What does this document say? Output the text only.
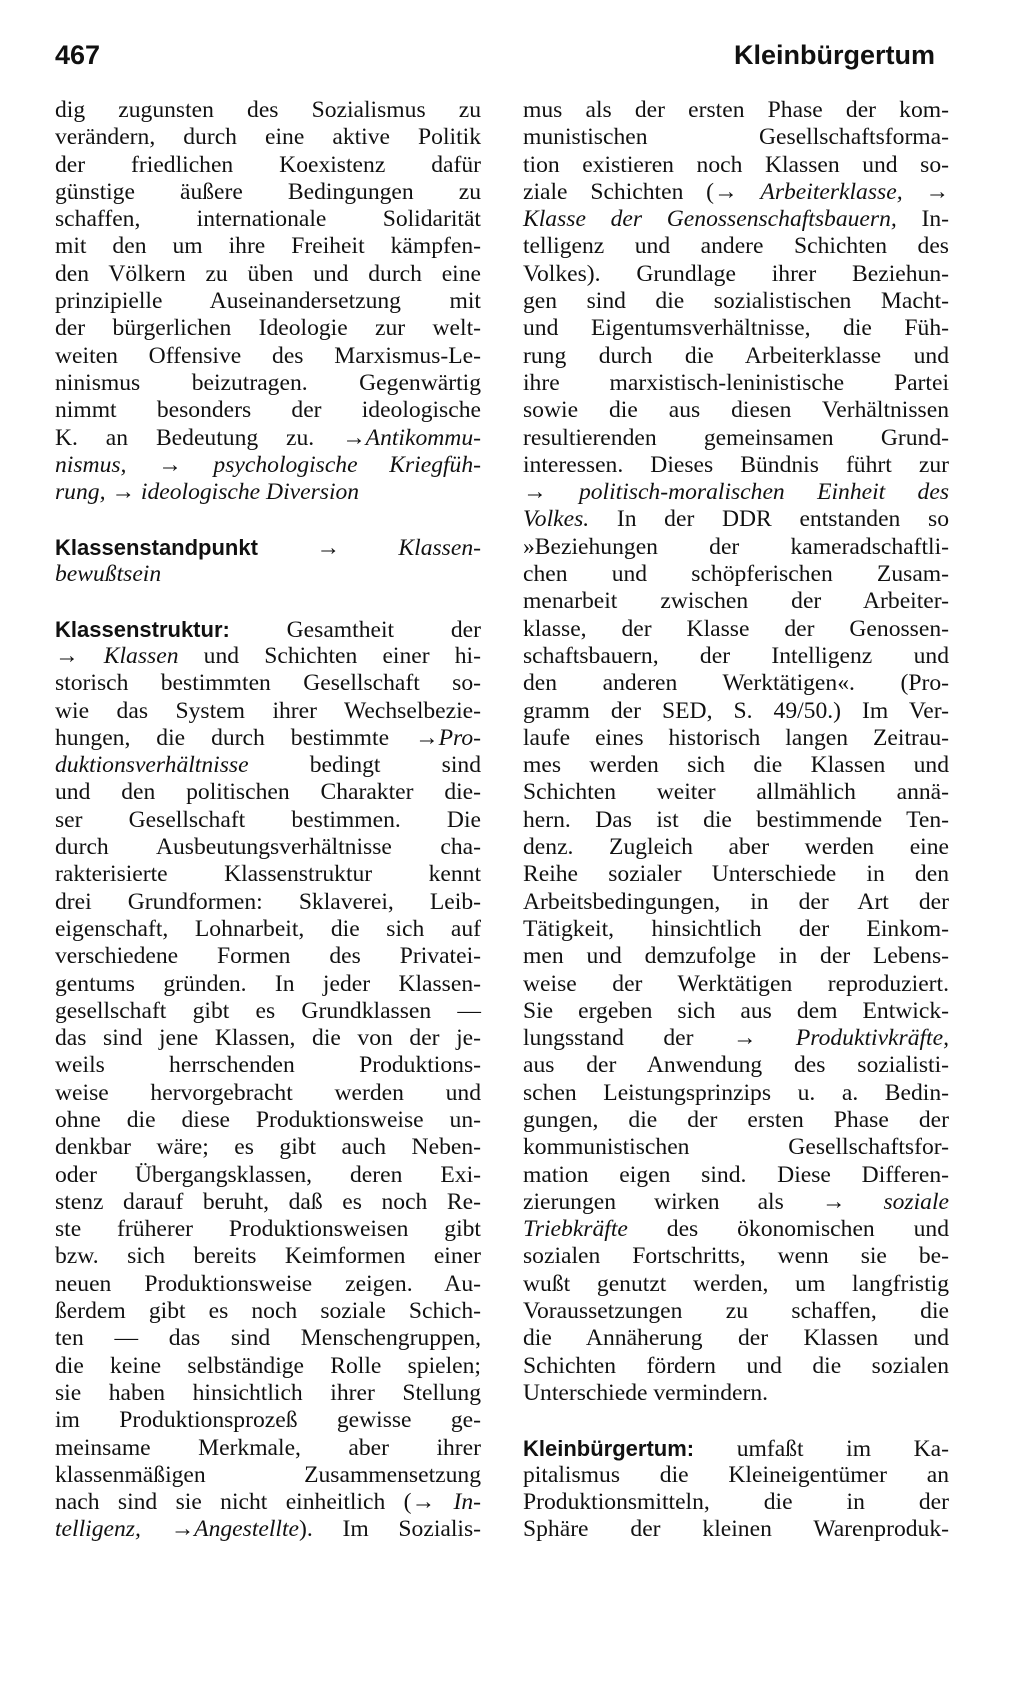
467	Kleinbürgertum
dig zugunsten des Sozialismus zu
verändern, durch eine aktive Politik
der friedlichen Koexistenz dafür
günstige äußere Bedingungen zu
schaffen, internationale Solidarität
mit den um ihre Freiheit kämpfen-
den Völkern zu üben und durch eine
prinzipielle Auseinandersetzung mit
der bürgerlichen Ideologie zur welt-
weiten Offensive des Marxismus-Le-
ninismus beizutragen. Gegenwärtig
nimmt besonders der ideologische
K. an Bedeutung zu. →Antikommu-
nismus, → psychologische Kriegfüh-
rung, → ideologische Diversion
Klassenstandpunkt → Klassen-
bewußtsein
Klassenstruktur: Gesamtheit der
→ Klassen und Schichten einer hi-
storisch bestimmten Gesellschaft so-
wie das System ihrer Wechselbezie-
hungen, die durch bestimmte →Pro-
duktionsverhältnisse	bedingt sind
und den politischen Charakter die-
ser Gesellschaft bestimmen. Die
durch Ausbeutungsverhältnisse cha-
rakterisierte Klassenstruktur kennt
drei Grundformen: Sklaverei, Leib-
eigenschaft, Lohnarbeit, die sich auf
verschiedene Formen des Privatei-
gentums gründen. In jeder Klassen-
gesellschaft gibt es Grundklassen —
das sind jene Klassen, die von der je-
weils herrschenden Produktions-
weise hervorgebracht werden und
ohne die diese Produktionsweise un-
denkbar wäre; es gibt auch Neben-
oder Übergangsklassen, deren Exi-
stenz darauf beruht, daß es noch Re-
ste früherer Produktionsweisen gibt
bzw. sich bereits Keimformen einer
neuen Produktionsweise zeigen. Au-
ßerdem gibt es noch soziale Schich-
ten — das sind Menschengruppen,
die keine selbständige Rolle spielen;
sie haben hinsichtlich ihrer Stellung
im Produktionsprozeß gewisse ge-
meinsame Merkmale, aber ihrer
klassenmäßigen Zusammensetzung
nach sind sie nicht einheitlich (→ In-
telligenz, →Angestellte). Im Sozialis-
mus als der ersten Phase der kom-
munistischen Gesellschaftsforma-
tion existieren noch Klassen und so-
ziale Schichten (→ Arbeiterklasse, →
Klasse der Genossenschaftsbauern, In-
telligenz und andere Schichten des
Volkes). Grundlage ihrer Beziehun-
gen sind die sozialistischen Macht-
und Eigentumsverhältnisse, die Füh-
rung durch die Arbeiterklasse und
ihre marxistisch-leninistische Partei
sowie die aus diesen Verhältnissen
resultierenden gemeinsamen Grund-
interessen. Dieses Bündnis führt zur
→ politisch-moralischen Einheit des
Volkes. In der DDR entstanden so
»Beziehungen der kameradschaftli-
chen und schöpferischen Zusam-
menarbeit zwischen der Arbeiter-
klasse, der Klasse der Genossen-
schaftsbauern, der Intelligenz und
den anderen Werktätigen«. (Pro-
gramm der SED, S. 49/50.) Im Ver-
laufe eines historisch langen Zeitrau-
mes werden sich die Klassen und
Schichten weiter allmählich annä-
hern. Das ist die bestimmende Ten-
denz. Zugleich aber werden eine
Reihe sozialer Unterschiede in den
Arbeitsbedingungen, in der Art der
Tätigkeit, hinsichtlich der Einkom-
men und demzufolge in der Lebens-
weise der Werktätigen reproduziert.
Sie ergeben sich aus dem Entwick-
lungsstand der → Produktivkräfte,
aus der Anwendung des sozialisti-
schen Leistungsprinzips u. a. Bedin-
gungen, die der ersten Phase der
kommunistischen Gesellschaftsfor-
mation eigen sind. Diese Differen-
zierungen wirken als → soziale
Triebkräfte des ökonomischen und
sozialen Fortschritts, wenn sie be-
wußt genutzt werden, um langfristig
Voraussetzungen zu schaffen, die
die Annäherung der Klassen und
Schichten fördern und die sozialen
Unterschiede vermindern.
Kleinbürgertum: umfaßt im Ka-
pitalismus die Kleineigentümer an
Produktionsmitteln, die in der
Sphäre der kleinen Warenproduk-
